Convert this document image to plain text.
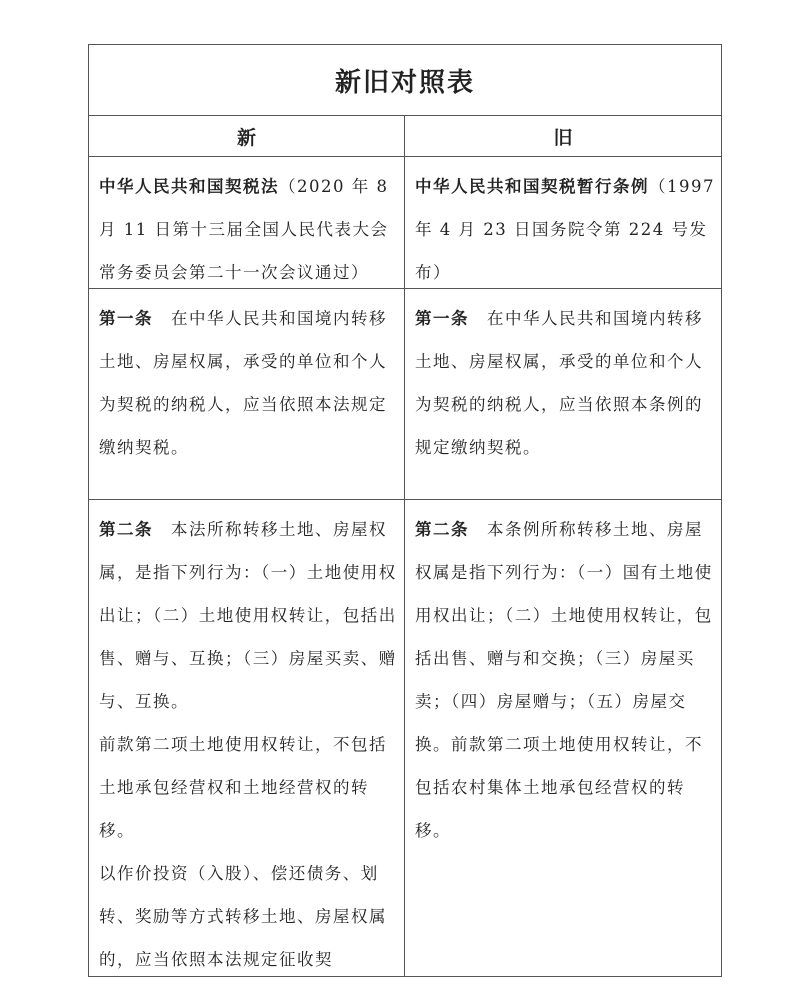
新旧对照表
新	旧

中华人民共和国契税法（2020 年 8 月 11 日第十三届全国人民代表大会常务委员会第二十一次会议通过）

中华人民共和国契税暂行条例（1997 年 4 月 23 日国务院令第 224 号发布）

第一条　在中华人民共和国境内转移土地、房屋权属，承受的单位和个人为契税的纳税人，应当依照本法规定缴纳契税。

第一条　在中华人民共和国境内转移土地、房屋权属，承受的单位和个人为契税的纳税人，应当依照本条例的规定缴纳契税。

第二条　本法所称转移土地、房屋权属，是指下列行为：（一）土地使用权出让；（二）土地使用权转让，包括出售、赠与、互换；（三）房屋买卖、赠与、互换。

前款第二项土地使用权转让，不包括土地承包经营权和土地经营权的转移。

以作价投资（入股）、偿还债务、划转、奖励等方式转移土地、房屋权属的，应当依照本法规定征收契

第二条　本条例所称转移土地、房屋权属是指下列行为：（一）国有土地使用权出让；（二）土地使用权转让，包括出售、赠与和交换；（三）房屋买卖；（四）房屋赠与；（五）房屋交换。前款第二项土地使用权转让，不包括农村集体土地承包经营权的转移。
